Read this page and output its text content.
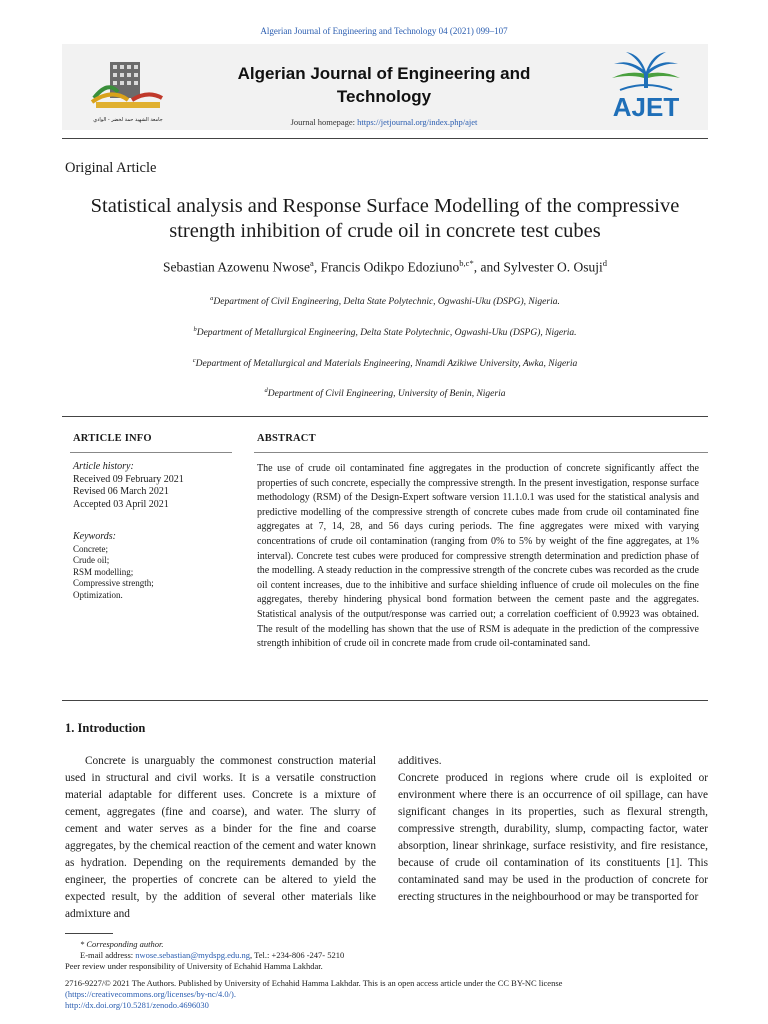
Algerian Journal of Engineering and Technology 04 (2021) 099–107
جامعة الشهيد حمة لخضر - الوادي
Algerian Journal of Engineering and
Technology
Journal homepage: https://jetjournal.org/index.php/ajet	AJET
Original Article
Statistical analysis and Response Surface Modelling of the compressive
strength inhibition of crude oil in concrete test cubes
Sebastian Azowenu Nwose$^a$, Francis Odikpo Edoziuno$^{b,c*}$, and Sylvester O. Osuji$^d$
$^a$Department of Civil Engineering, Delta State Polytechnic, Ogwashi-Uku (DSPG), Nigeria.
$^b$Department of Metallurgical Engineering, Delta State Polytechnic, Ogwashi-Uku (DSPG), Nigeria.
$^c$Department of Metallurgical and Materials Engineering, Nnamdi Azikiwe University, Awka, Nigeria
$^d$Department of Civil Engineering, University of Benin, Nigeria
ARTICLE INFO
Article history:
Received 09 February 2021
Revised 06 March 2021
Accepted 03 April 2021
Keywords:
Concrete;
Crude oil;
RSM modelling;
Compressive strength;
Optimization.
ABSTRACT
The use of crude oil contaminated fine aggregates in the production of concrete significantly affect the properties of such concrete, especially the compressive strength. In the present investigation, response surface methodology (RSM) of the Design-Expert software version 11.1.0.1 was used for the statistical analysis and predictive modelling of the compressive strength of concrete cubes made from crude oil contaminated fine aggregates at 7, 14, 28, and 56 days curing periods. The fine aggregates were mixed with varying concentrations of crude oil contamination (ranging from 0% to 5% by weight of the fine aggregates, at 1% interval). Concrete test cubes were produced for compressive strength determination and prediction phase of the modelling. A steady reduction in the compressive strength of the concrete cubes was recorded as the crude oil content increases, due to the inhibitive and surface shielding influence of crude oil molecules on the fine aggregates, thereby hindering physical bond formation between the cement paste and the aggregates. Statistical analysis of the output/response was carried out; a correlation coefficient of 0.9923 was obtained. The result of the modelling has shown that the use of RSM is adequate in the prediction of the compressive strength inhibition of crude oil in concrete made from crude oil-contaminated sand.
1. Introduction
Concrete is unarguably the commonest construction material used in structural and civil works. It is a versatile construction material adaptable for different uses. Concrete is a mixture of cement, aggregates (fine and coarse), and water. The slurry of cement and water serves as a binder for the fine and coarse aggregates, by the chemical reaction of the cement and water known as hydration. Depending on the requirements demanded by the engineer, the properties of concrete can be altered to yield the expected result, by the addition of several other materials like admixture and

additives.

Concrete produced in regions where crude oil is exploited or environment where there is an occurrence of oil spillage, can have significant changes in its properties, such as flexural strength, compressive strength, durability, slump, compacting factor, water absorption, linear shrinkage, surface resistivity, and fire resistance, because of crude oil contamination of its constituents [1]. This contaminated sand may be used in the production of concrete for erecting structures in the neighbourhood or may be transported for

* Corresponding author.
E-mail address: nwose.sebastian@mydspg.edu.ng, Tel.: +234-806 -247- 5210
Peer review under responsibility of University of Echahid Hamma Lakhdar.
2716-9227/© 2021 The Authors. Published by University of Echahid Hamma Lakhdar. This is an open access article under the CC BY-NC license
(https://creativecommons.org/licenses/by-nc/4.0/).
http://dx.doi.org/10.5281/zenodo.4696030
